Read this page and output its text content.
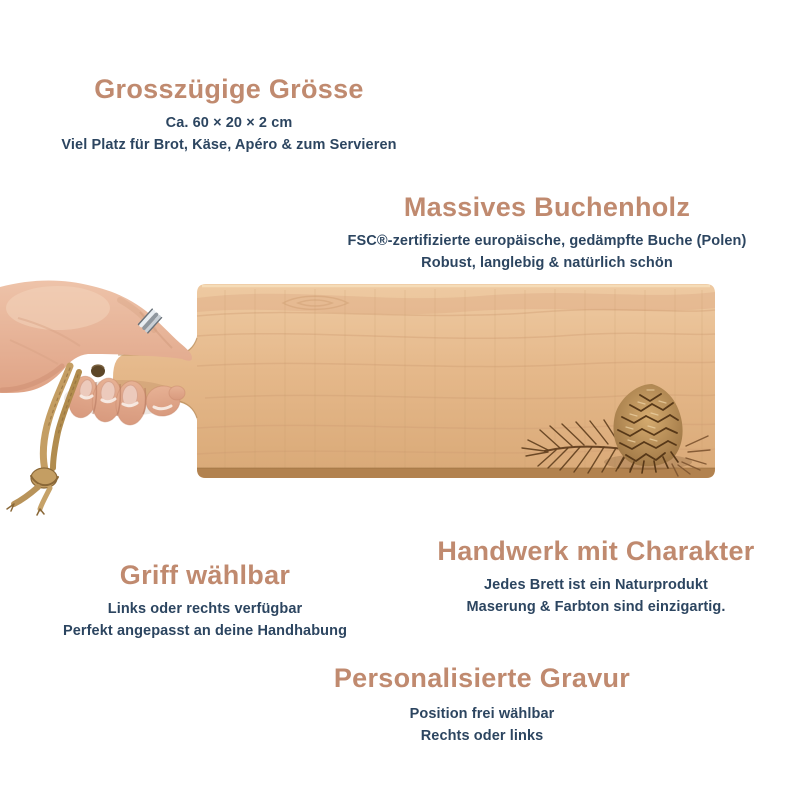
Grosszügige Grösse

Ca. 60 × 20 × 2 cm

Viel Platz für Brot, Käse, Apéro & zum Servieren

Massives Buchenholz

FSC®-zertifizierte europäische, gedämpfte Buche (Polen)

Robust, langlebig & natürlich schön

Griff wählbar

Links oder rechts verfügbar

Perfekt angepasst an deine Handhabung

Handwerk mit Charakter

Jedes Brett ist ein Naturprodukt

Maserung & Farbton sind einzigartig.

Personalisierte Gravur

Position frei wählbar

Rechts oder links
